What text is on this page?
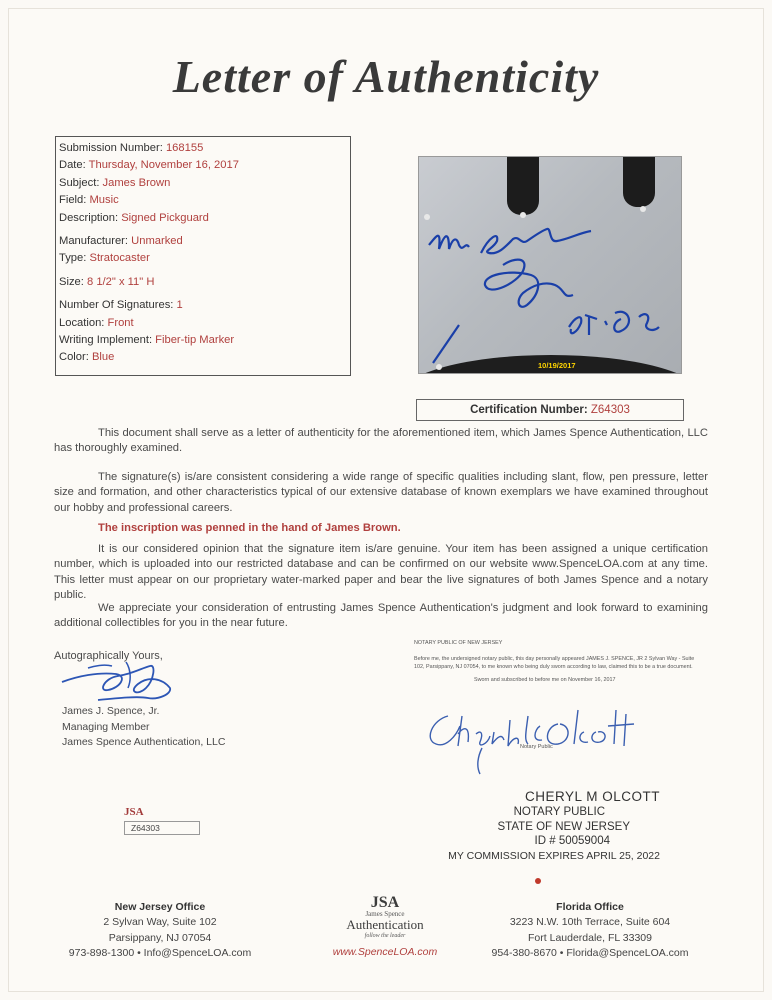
Letter of Authenticity
Submission Number: 168155
Date: Thursday, November 16, 2017
Subject: James Brown
Field: Music
Description: Signed Pickguard
Manufacturer: Unmarked
Type: Stratocaster
Size: 8 1/2" x 11" H
Number Of Signatures: 1
Location: Front
Writing Implement: Fiber-tip Marker
Color: Blue
10/19/2017
Certification Number: Z64303
This document shall serve as a letter of authenticity for the aforementioned item, which James Spence Authentication, LLC has thoroughly examined.
The signature(s) is/are consistent considering a wide range of specific qualities including slant, flow, pen pressure, letter size and formation, and other characteristics typical of our extensive database of known exemplars we have examined throughout our hobby and professional careers.
The inscription was penned in the hand of James Brown.
It is our considered opinion that the signature item is/are genuine. Your item has been assigned a unique certification number, which is uploaded into our restricted database and can be confirmed on our website www.SpenceLOA.com at any time. This letter must appear on our proprietary water-marked paper and bear the live signatures of both James Spence and a notary public.
We appreciate your consideration of entrusting James Spence Authentication's judgment and look forward to examining additional collectibles for you in the near future.
Autographically Yours,
James J. Spence, Jr.
Managing Member
James Spence Authentication, LLC
NOTARY PUBLIC OF NEW JERSEY
Before me, the undersigned notary public, this day personally appeared JAMES J. SPENCE, JR 2 Sylvan Way - Suite 102, Parsippany, NJ 07054, to me known who being duly sworn according to law, claimed this to be a true document.
Sworn and subscribed to before me on November 16, 2017
Notary Public
CHERYL M OLCOTT
NOTARY PUBLIC
STATE OF NEW JERSEY
ID # 50059004
MY COMMISSION EXPIRES APRIL 25, 2022
JSA
Z64303
New Jersey Office
2 Sylvan Way, Suite 102
Parsippany, NJ 07054
973-898-1300 • Info@SpenceLOA.com
JSA
James Spence
Authentication
follow the leader
www.SpenceLOA.com
Florida Office
3223 N.W. 10th Terrace, Suite 604
Fort Lauderdale, FL 33309
954-380-8670 • Florida@SpenceLOA.com
